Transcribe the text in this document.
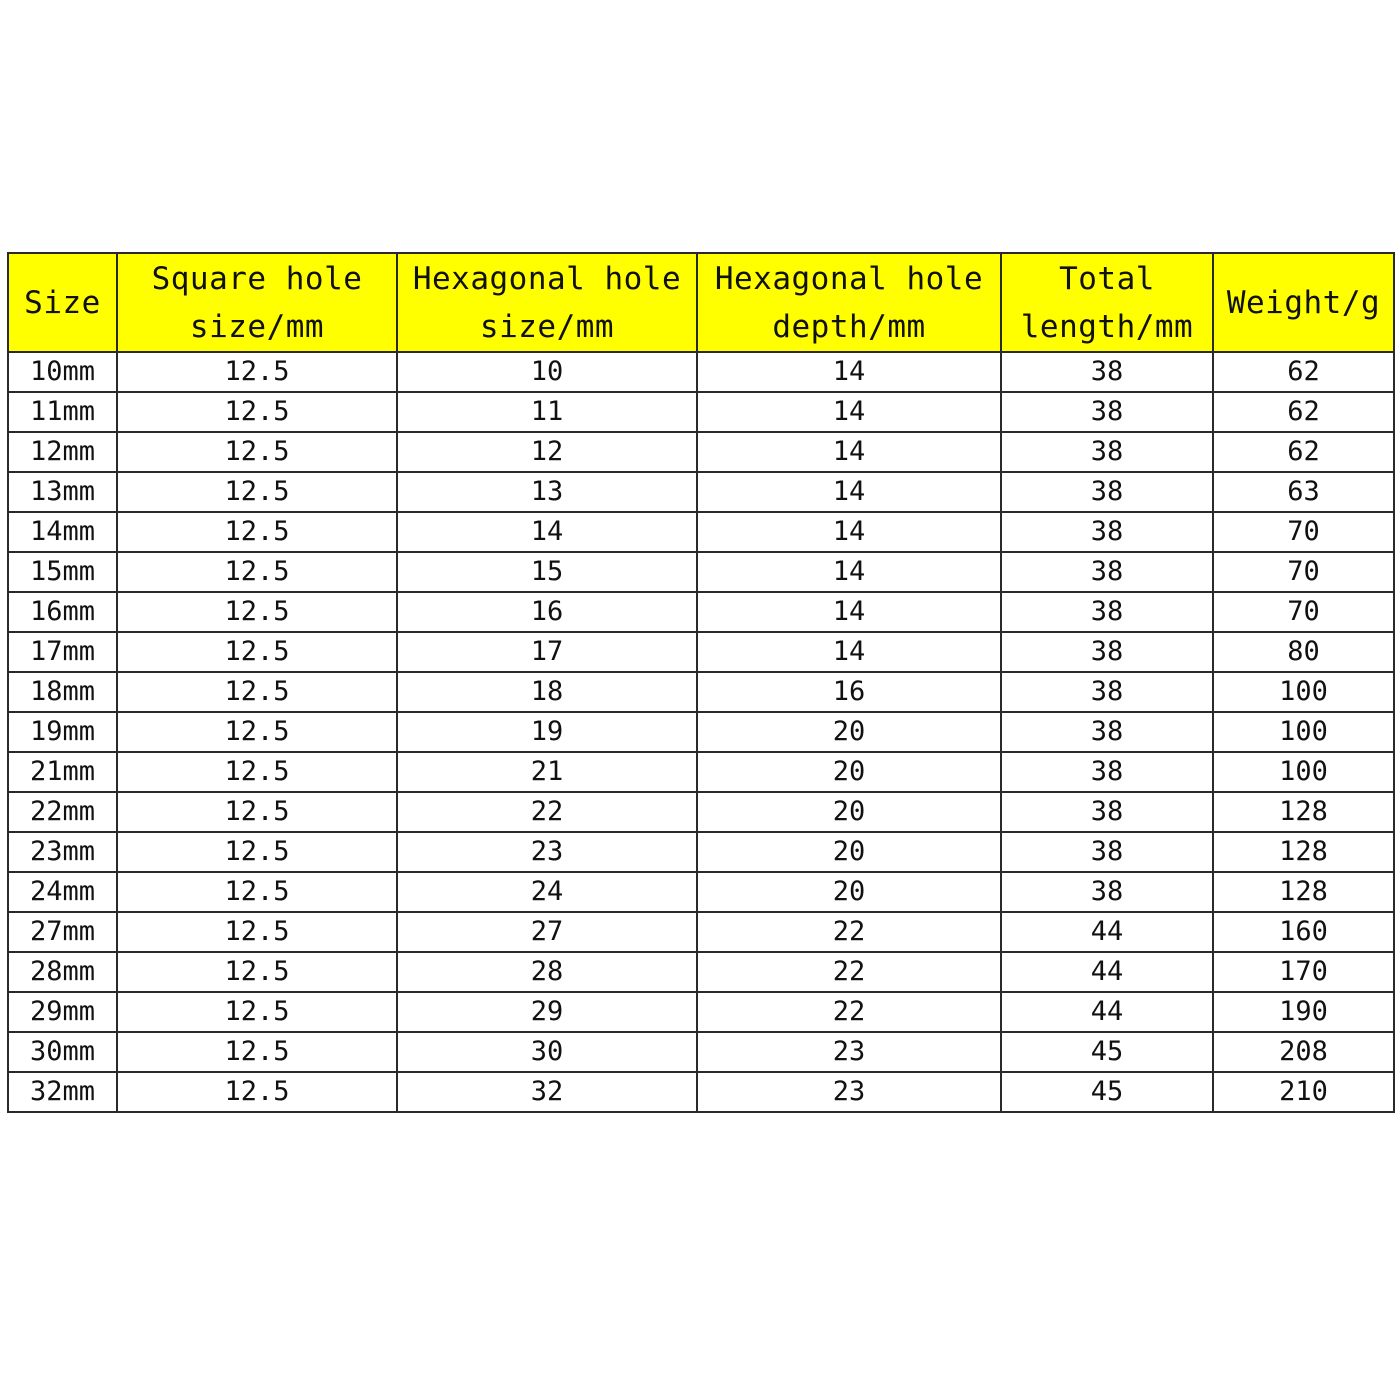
Size	Square hole size/mm	Hexagonal hole size/mm	Hexagonal hole depth/mm	Total length/mm	Weight/g
10mm	12.5	10	14	38	62
11mm	12.5	11	14	38	62
12mm	12.5	12	14	38	62
13mm	12.5	13	14	38	63
14mm	12.5	14	14	38	70
15mm	12.5	15	14	38	70
16mm	12.5	16	14	38	70
17mm	12.5	17	14	38	80
18mm	12.5	18	16	38	100
19mm	12.5	19	20	38	100
21mm	12.5	21	20	38	100
22mm	12.5	22	20	38	128
23mm	12.5	23	20	38	128
24mm	12.5	24	20	38	128
27mm	12.5	27	22	44	160
28mm	12.5	28	22	44	170
29mm	12.5	29	22	44	190
30mm	12.5	30	23	45	208
32mm	12.5	32	23	45	210
